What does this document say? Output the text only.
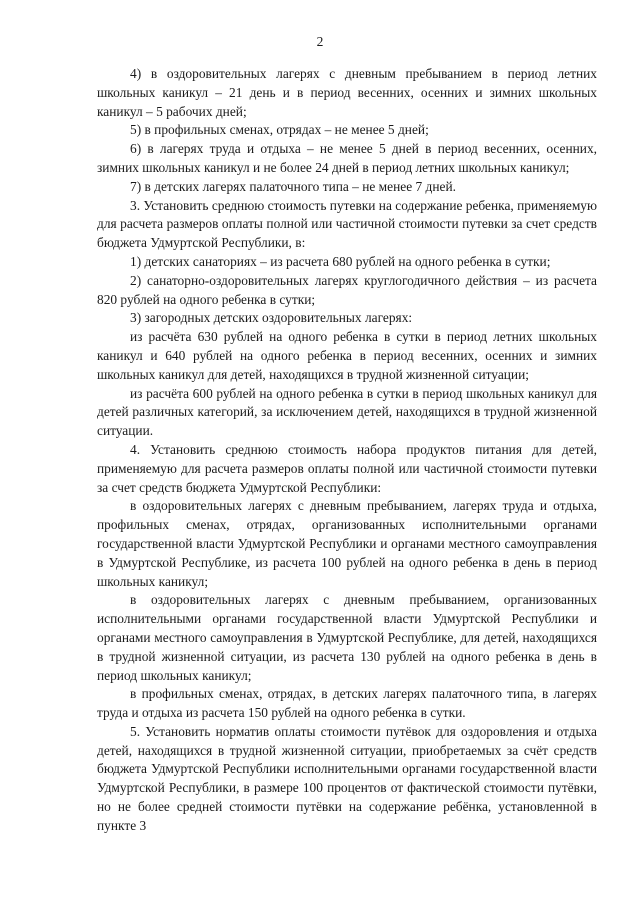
2

4) в оздоровительных лагерях с дневным пребыванием в период летних школьных каникул – 21 день и в период весенних, осенних и зимних школьных каникул – 5 рабочих дней;

5) в профильных сменах, отрядах – не менее 5 дней;

6) в лагерях труда и отдыха – не менее 5 дней в период весенних, осенних, зимних школьных каникул и не более 24 дней в период летних школьных каникул;

7) в детских лагерях палаточного типа – не менее 7 дней.

3. Установить среднюю стоимость путевки на содержание ребенка, применяемую для расчета размеров оплаты полной или частичной стоимости путевки за счет средств бюджета Удмуртской Республики, в:

1) детских санаториях – из расчета 680 рублей на одного ребенка в сутки;

2) санаторно-оздоровительных лагерях круглогодичного действия – из расчета 820 рублей на одного ребенка в сутки;

3) загородных детских оздоровительных лагерях:

из расчёта 630 рублей на одного ребенка в сутки в период летних школьных каникул и 640 рублей на одного ребенка в период весенних, осенних и зимних школьных каникул для детей, находящихся в трудной жизненной ситуации;

из расчёта 600 рублей на одного ребенка в сутки в период школьных каникул для детей различных категорий, за исключением детей, находящихся в трудной жизненной ситуации.

4. Установить среднюю стоимость набора продуктов питания для детей, применяемую для расчета размеров оплаты полной или частичной стоимости путевки за счет средств бюджета Удмуртской Республики:

в оздоровительных лагерях с дневным пребыванием, лагерях труда и отдыха, профильных сменах, отрядах, организованных исполнительными органами государственной власти Удмуртской Республики и органами местного самоуправления в Удмуртской Республике, из расчета 100 рублей на одного ребенка в день в период школьных каникул;

в оздоровительных лагерях с дневным пребыванием, организованных исполнительными органами государственной власти Удмуртской Республики и органами местного самоуправления в Удмуртской Республике, для детей, находящихся в трудной жизненной ситуации, из расчета 130 рублей на одного ребенка в день в период школьных каникул;

в профильных сменах, отрядах, в детских лагерях палаточного типа, в лагерях труда и отдыха из расчета 150 рублей на одного ребенка в сутки.

5. Установить норматив оплаты стоимости путёвок для оздоровления и отдыха детей, находящихся в трудной жизненной ситуации, приобретаемых за счёт средств бюджета Удмуртской Республики исполнительными органами государственной власти Удмуртской Республики, в размере 100 процентов от фактической стоимости путёвки, но не более средней стоимости путёвки на содержание ребёнка, установленной в пункте 3
